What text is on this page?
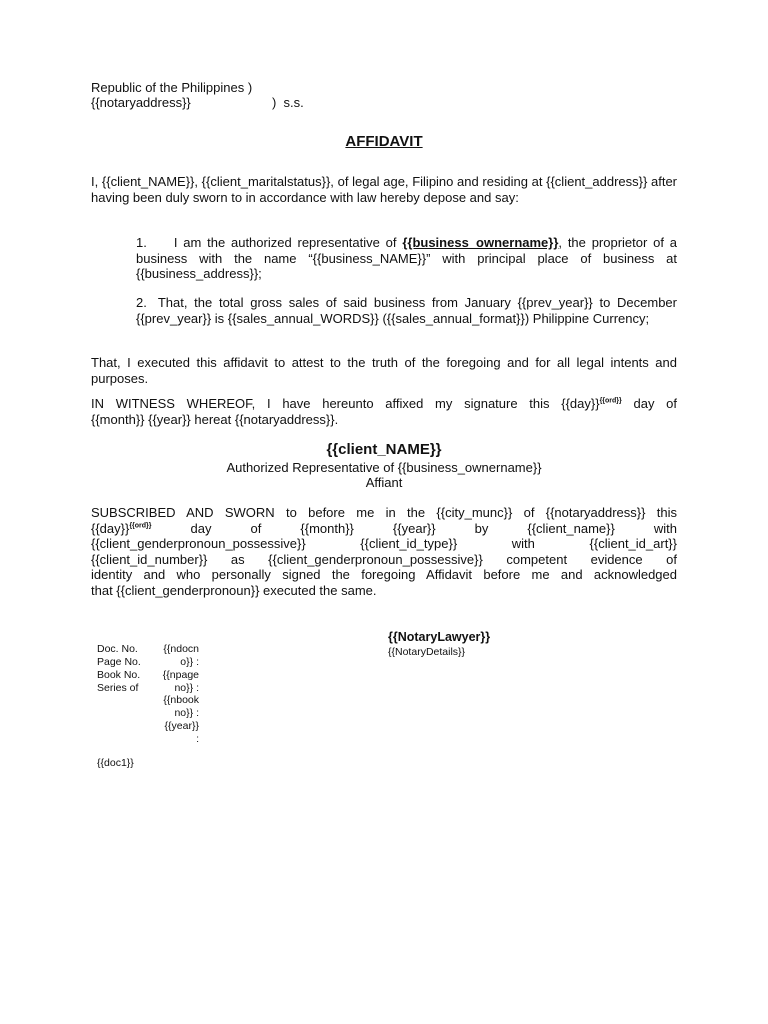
Republic of the Philippines )
{{notaryaddress}}	)  s.s.
AFFIDAVIT
I, {{client_NAME}}, {{client_maritalstatus}}, of legal age, Filipino and residing at {{client_address}} after having been duly sworn to in accordance with law hereby depose and say:
1. I am the authorized representative of {{business_ownername}}, the proprietor of a business with the name “{{business_NAME}}” with principal place of business at {{business_address}};
2. That, the total gross sales of said business from January {{prev_year}} to December {{prev_year}} is {{sales_annual_WORDS}} ({{sales_annual_format}}) Philippine Currency;
That, I executed this affidavit to attest to the truth of the foregoing and for all legal intents and purposes.
IN WITNESS WHEREOF, I have hereunto affixed my signature this $\{\{day\}\}^{\{\{ord\}\}}$ day of
{{month}} {{year}} hereat {{notaryaddress}}.
{{client_NAME}}
Authorized Representative of {{business_ownername}}
Affiant
SUBSCRIBED AND SWORN to before me in the {{city_munc}} of {{notaryaddress}} this
$\{\{day\}\}^{\{\{ord\}\}}$ day of {{month}} {{year}} by {{client_name}} with
{{client_genderpronoun_possessive}} {{client_id_type}} with {{client_id_art}}
{{client_id_number}} as {{client_genderpronoun_possessive}} competent evidence of
identity and who personally signed the foregoing Affidavit before me and acknowledged
that {{client_genderpronoun}} executed the same.
{{NotaryLawyer}}
{{NotaryDetails}}
Doc. No.
Page No.
Book No.
Series of
{{ndocn
o}} :
{{npage
no}} :
{{nbook
no}} :
{{year}}
:
{{doc1}}
